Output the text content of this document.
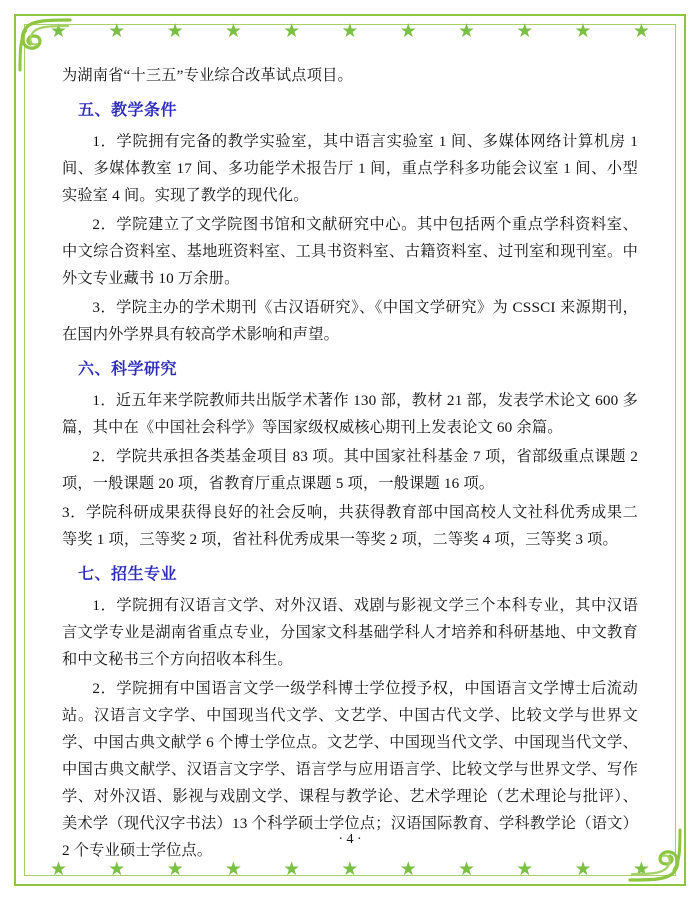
★ ★ ★ ★ ★ ★ ★ ★ ★ ★ ★
★ ★ ★ ★ ★ ★ ★ ★ ★ ★ ★

为湖南省“十三五”专业综合改革试点项目。

五、教学条件

1．学院拥有完备的教学实验室，其中语言实验室 1 间、多媒体网络计算机房 1 间、多媒体教室 17 间、多功能学术报告厅 1 间，重点学科多功能会议室 1 间、小型实验室 4 间。实现了教学的现代化。

2．学院建立了文学院图书馆和文献研究中心。其中包括两个重点学科资料室、中文综合资料室、基地班资料室、工具书资料室、古籍资料室、过刊室和现刊室。中外文专业藏书 10 万余册。

3．学院主办的学术期刊《古汉语研究》、《中国文学研究》为 CSSCI 来源期刊，在国内外学界具有较高学术影响和声望。

六、科学研究

1．近五年来学院教师共出版学术著作 130 部，教材 21 部，发表学术论文 600 多篇，其中在《中国社会科学》等国家级权威核心期刊上发表论文 60 余篇。

2．学院共承担各类基金项目 83 项。其中国家社科基金 7 项，省部级重点课题 2 项，一般课题 20 项，省教育厅重点课题 5 项，一般课题 16 项。

3．学院科研成果获得良好的社会反响，共获得教育部中国高校人文社科优秀成果二等奖 1 项，三等奖 2 项，省社科优秀成果一等奖 2 项，二等奖 4 项，三等奖 3 项。

七、招生专业

1．学院拥有汉语言文学、对外汉语、戏剧与影视文学三个本科专业，其中汉语言文学专业是湖南省重点专业，分国家文科基础学科人才培养和科研基地、中文教育和中文秘书三个方向招收本科生。

2．学院拥有中国语言文学一级学科博士学位授予权，中国语言文学博士后流动站。汉语言文字学、中国现当代文学、文艺学、中国古代文学、比较文学与世界文学、中国古典文献学 6 个博士学位点。文艺学、中国现当代文学、中国现当代文学、中国古典文献学、汉语言文字学、语言学与应用语言学、比较文学与世界文学、写作学、对外汉语、影视与戏剧文学、课程与教学论、艺术学理论（艺术理论与批评）、美术学（现代汉字书法）13 个科学硕士学位点；汉语国际教育、学科教学论（语文）2 个专业硕士学位点。

· 4 ·
